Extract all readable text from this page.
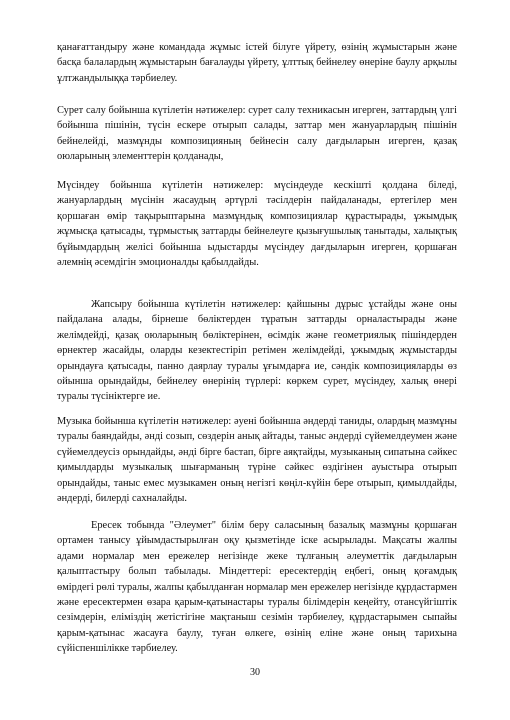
қанағаттандыру және командада жұмыс істей білуге үйрету, өзінің жұмыстарын және басқа балалардың жұмыстарын бағалауды үйрету, ұлттық бейнелеу өнеріне баулу арқылы ұлтжандылыққа тәрбиелеу.

Сурет салу бойынша күтілетін нәтижелер: сурет салу техникасын игерген, заттардың үлгі бойынша пішінін, түсін ескере отырып салады, заттар мен жануарлардың пішінін бейнелейді, мазмұнды композицияның бейнесін салу дағдыларын игерген, қазақ оюларының элементтерін қолданады,

Мүсіндеу бойынша күтілетін нәтижелер: мүсіндеуде кескішті қолдана біледі, жануарлардың мүсінін жасаудың әртүрлі тәсілдерін пайдаланады, ертегілер мен қоршаған өмір тақырыптарына мазмұндық композициялар құрастырады, ұжымдық жұмысқа қатысады, тұрмыстық заттарды бейнелеуге қызығушылық танытады, халықтық бұйымдардың желісі бойынша ыдыстарды мүсіндеу дағдыларын игерген, қоршаған әлемнің әсемдігін эмоционалды қабылдайды.

Жапсыру бойынша күтілетін нәтижелер: қайшыны дұрыс ұстайды және оны пайдалана алады, бірнеше бөліктерден тұратын заттарды орналастырады және желімдейді, қазақ оюларының бөліктерінен, өсімдік және геометриялық пішіндерден өрнектер жасайды, оларды кезектестіріп ретімен желімдейді, ұжымдық жұмыстарды орындауға қатысады, панно даярлау туралы ұғымдарға ие, сәндік композицияларды өз ойынша орындайды, бейнелеу өнерінің түрлері: көркем сурет, мүсіндеу, халық өнері туралы түсініктерге ие.

Музыка бойынша күтілетін нәтижелер: әуені бойынша әндерді таниды, олардың мазмұны туралы баяндайды, әнді созып, сөздерін анық айтады, таныс әндерді сүйемелдеумен және сүйемелдеусіз орындайды, әнді бірге бастап, бірге аяқтайды, музыканың сипатына сәйкес қимылдарды музыкалық шығарманың түріне сәйкес өздігінен ауыстыра отырып орындайды, таныс емес музыкамен оның негізгі көңіл-күйін бере отырып, қимылдайды, әндерді, билерді сахналайды.

Ересек тобында "Әлеумет" білім беру саласының базалық мазмұны қоршаған ортамен танысу ұйымдастырылған оқу қызметінде іске асырылады. Мақсаты жалпы адами нормалар мен ережелер негізінде жеке тұлғаның әлеуметтік дағдыларын қалыптастыру болып табылады. Міндеттері: ересектердің еңбегі, оның қоғамдық өмірдегі рөлі туралы, жалпы қабылданған нормалар мен ережелер негізінде құрдастармен және ересектермен өзара қарым-қатынастары туралы білімдерін кеңейту, отансүйгіштік сезімдерін, еліміздің жетістігіне мақтаныш сезімін тәрбиелеу, құрдастарымен сыпайы қарым-қатынас жасауға баулу, туған өлкеге, өзінің еліне және оның тарихына сүйіспеншілікке тәрбиелеу.

30
